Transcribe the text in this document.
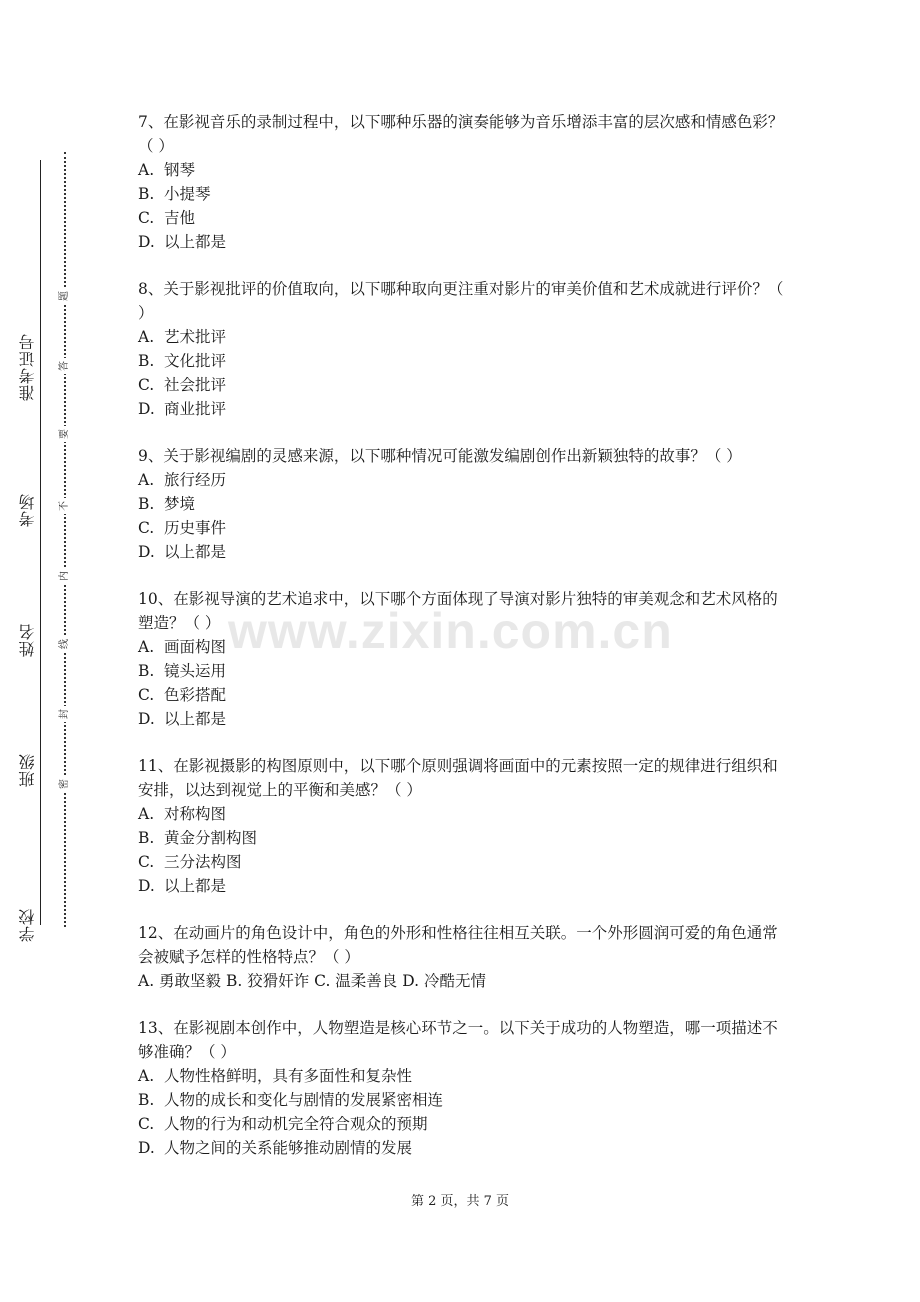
准考证号
考场
姓名
班级
学校
题
答
要
不
内
线
封
密
www.zixin.com.cn

7、在影视音乐的录制过程中，以下哪种乐器的演奏能够为音乐增添丰富的层次感和情感色彩？（ ）

A. 钢琴

B. 小提琴

C. 吉他

D. 以上都是

8、关于影视批评的价值取向，以下哪种取向更注重对影片的审美价值和艺术成就进行评价？（ ）

A. 艺术批评

B. 文化批评

C. 社会批评

D. 商业批评

9、关于影视编剧的灵感来源，以下哪种情况可能激发编剧创作出新颖独特的故事？（ ）

A. 旅行经历

B. 梦境

C. 历史事件

D. 以上都是

10、在影视导演的艺术追求中，以下哪个方面体现了导演对影片独特的审美观念和艺术风格的塑造？（ ）

A. 画面构图

B. 镜头运用

C. 色彩搭配

D. 以上都是

11、在影视摄影的构图原则中，以下哪个原则强调将画面中的元素按照一定的规律进行组织和安排，以达到视觉上的平衡和美感？（ ）

A. 对称构图

B. 黄金分割构图

C. 三分法构图

D. 以上都是

12、在动画片的角色设计中，角色的外形和性格往往相互关联。一个外形圆润可爱的角色通常会被赋予怎样的性格特点？（ ）

A. 勇敢坚毅 B. 狡猾奸诈 C. 温柔善良 D. 冷酷无情

13、在影视剧本创作中，人物塑造是核心环节之一。以下关于成功的人物塑造，哪一项描述不够准确？（ ）

A. 人物性格鲜明，具有多面性和复杂性

B. 人物的成长和变化与剧情的发展紧密相连

C. 人物的行为和动机完全符合观众的预期

D. 人物之间的关系能够推动剧情的发展

第 2 页，共 7 页
